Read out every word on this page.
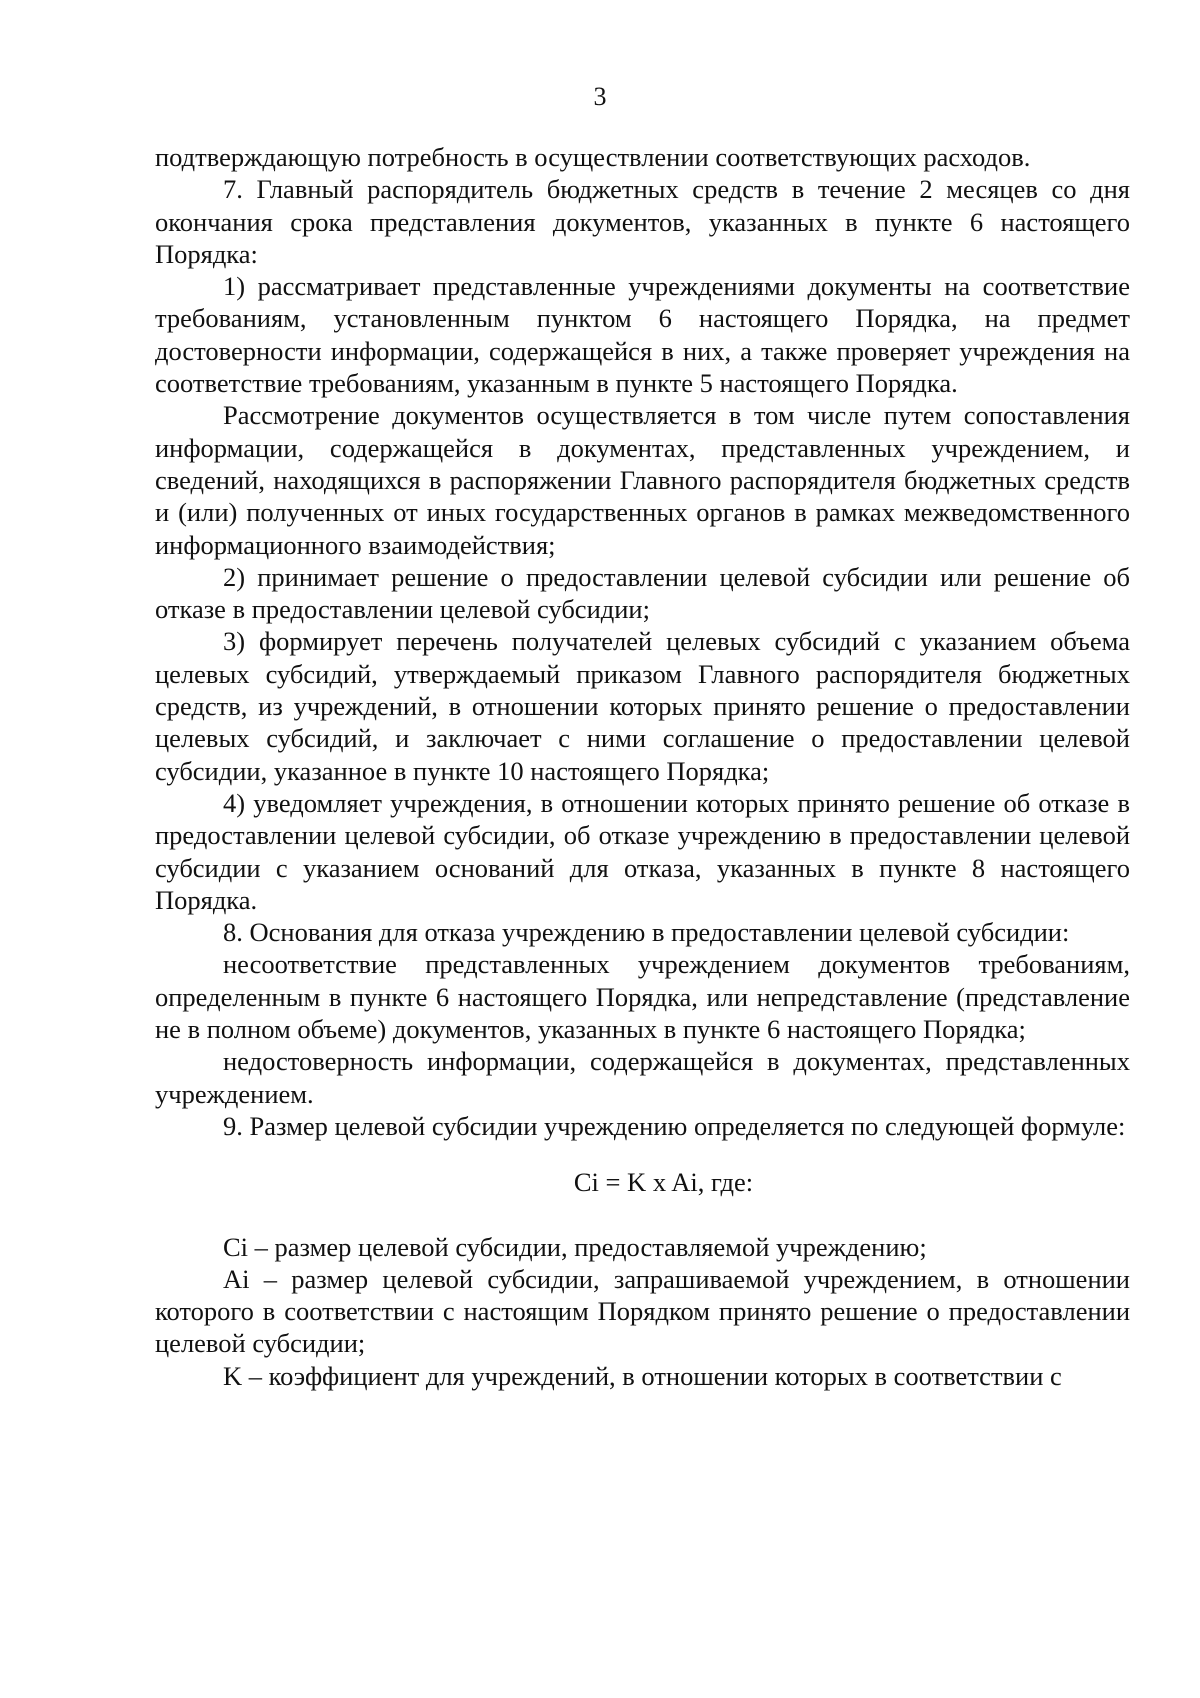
3

подтверждающую потребность в осуществлении соответствующих расходов.

7. Главный распорядитель бюджетных средств в течение 2 месяцев со дня окончания срока представления документов, указанных в пункте 6 настоящего Порядка:

1) рассматривает представленные учреждениями документы на соответствие требованиям, установленным пунктом 6 настоящего Порядка, на предмет достоверности информации, содержащейся в них, а также проверяет учреждения на соответствие требованиям, указанным в пункте 5 настоящего Порядка.

Рассмотрение документов осуществляется в том числе путем сопоставления информации, содержащейся в документах, представленных учреждением, и сведений, находящихся в распоряжении Главного распорядителя бюджетных средств и (или) полученных от иных государственных органов в рамках межведомственного информационного взаимодействия;

2) принимает решение о предоставлении целевой субсидии или решение об отказе в предоставлении целевой субсидии;

3) формирует перечень получателей целевых субсидий с указанием объема целевых субсидий, утверждаемый приказом Главного распорядителя бюджетных средств, из учреждений, в отношении которых принято решение о предоставлении целевых субсидий, и заключает с ними соглашение о предоставлении целевой субсидии, указанное в пункте 10 настоящего Порядка;

4) уведомляет учреждения, в отношении которых принято решение об отказе в предоставлении целевой субсидии, об отказе учреждению в предоставлении целевой субсидии с указанием оснований для отказа, указанных в пункте 8 настоящего Порядка.

8. Основания для отказа учреждению в предоставлении целевой субсидии:

несоответствие представленных учреждением документов требованиям, определенным в пункте 6 настоящего Порядка, или непредставление (представление не в полном объеме) документов, указанных в пункте 6 настоящего Порядка;

недостоверность информации, содержащейся в документах, представленных учреждением.

9. Размер целевой субсидии учреждению определяется по следующей формуле:

Ci = K x Ai, где:

Ci – размер целевой субсидии, предоставляемой учреждению;

Ai – размер целевой субсидии, запрашиваемой учреждением, в отношении которого в соответствии с настоящим Порядком принято решение о предоставлении целевой субсидии;

K – коэффициент для учреждений, в отношении которых в соответствии с
